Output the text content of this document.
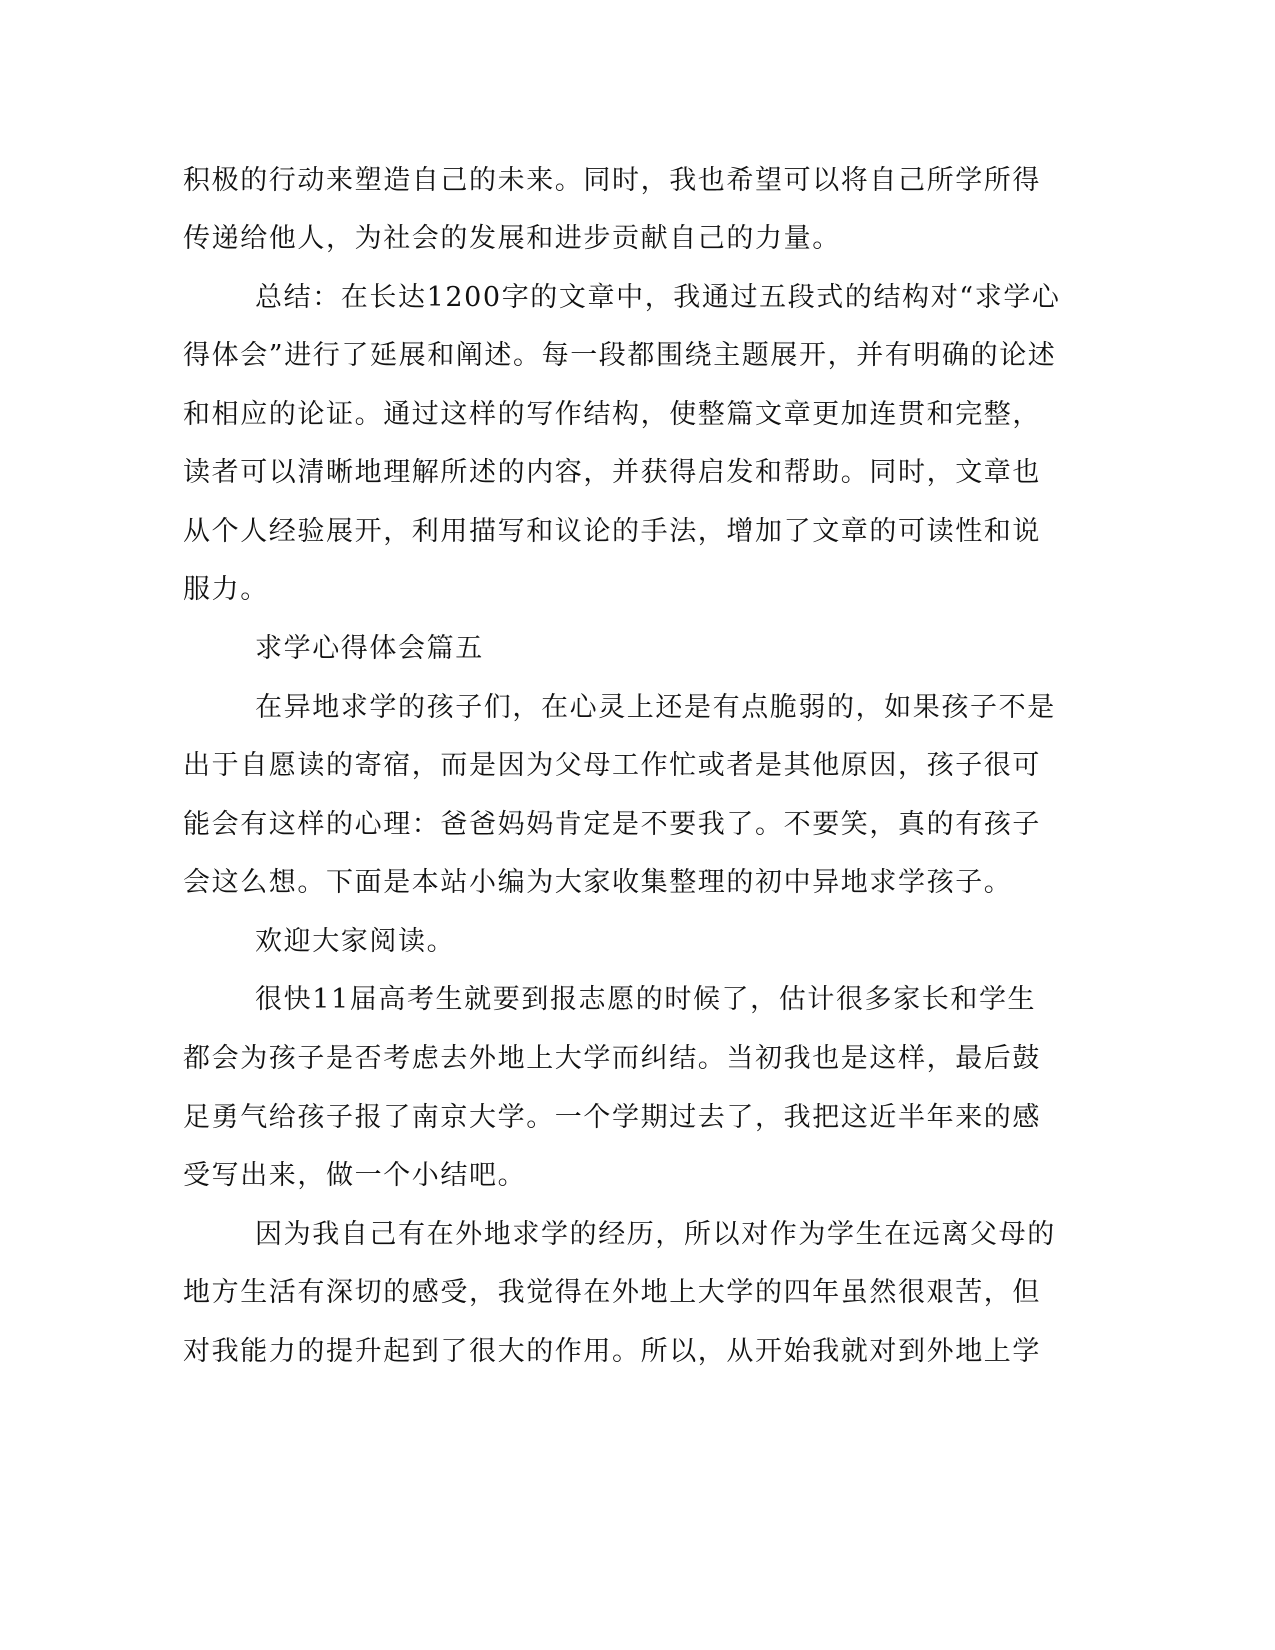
积极的行动来塑造自己的未来。同时，我也希望可以将自己所学所得
传递给他人，为社会的发展和进步贡献自己的力量。
总结：在长达1200字的文章中，我通过五段式的结构对“求学心
得体会”进行了延展和阐述。每一段都围绕主题展开，并有明确的论述
和相应的论证。通过这样的写作结构，使整篇文章更加连贯和完整，
读者可以清晰地理解所述的内容，并获得启发和帮助。同时，文章也
从个人经验展开，利用描写和议论的手法，增加了文章的可读性和说
服力。
求学心得体会篇五
在异地求学的孩子们，在心灵上还是有点脆弱的，如果孩子不是
出于自愿读的寄宿，而是因为父母工作忙或者是其他原因，孩子很可
能会有这样的心理：爸爸妈妈肯定是不要我了。不要笑，真的有孩子
会这么想。下面是本站小编为大家收集整理的初中异地求学孩子。
欢迎大家阅读。
很快11届高考生就要到报志愿的时候了，估计很多家长和学生
都会为孩子是否考虑去外地上大学而纠结。当初我也是这样，最后鼓
足勇气给孩子报了南京大学。一个学期过去了，我把这近半年来的感
受写出来，做一个小结吧。
因为我自己有在外地求学的经历，所以对作为学生在远离父母的
地方生活有深切的感受，我觉得在外地上大学的四年虽然很艰苦，但
对我能力的提升起到了很大的作用。所以，从开始我就对到外地上学
